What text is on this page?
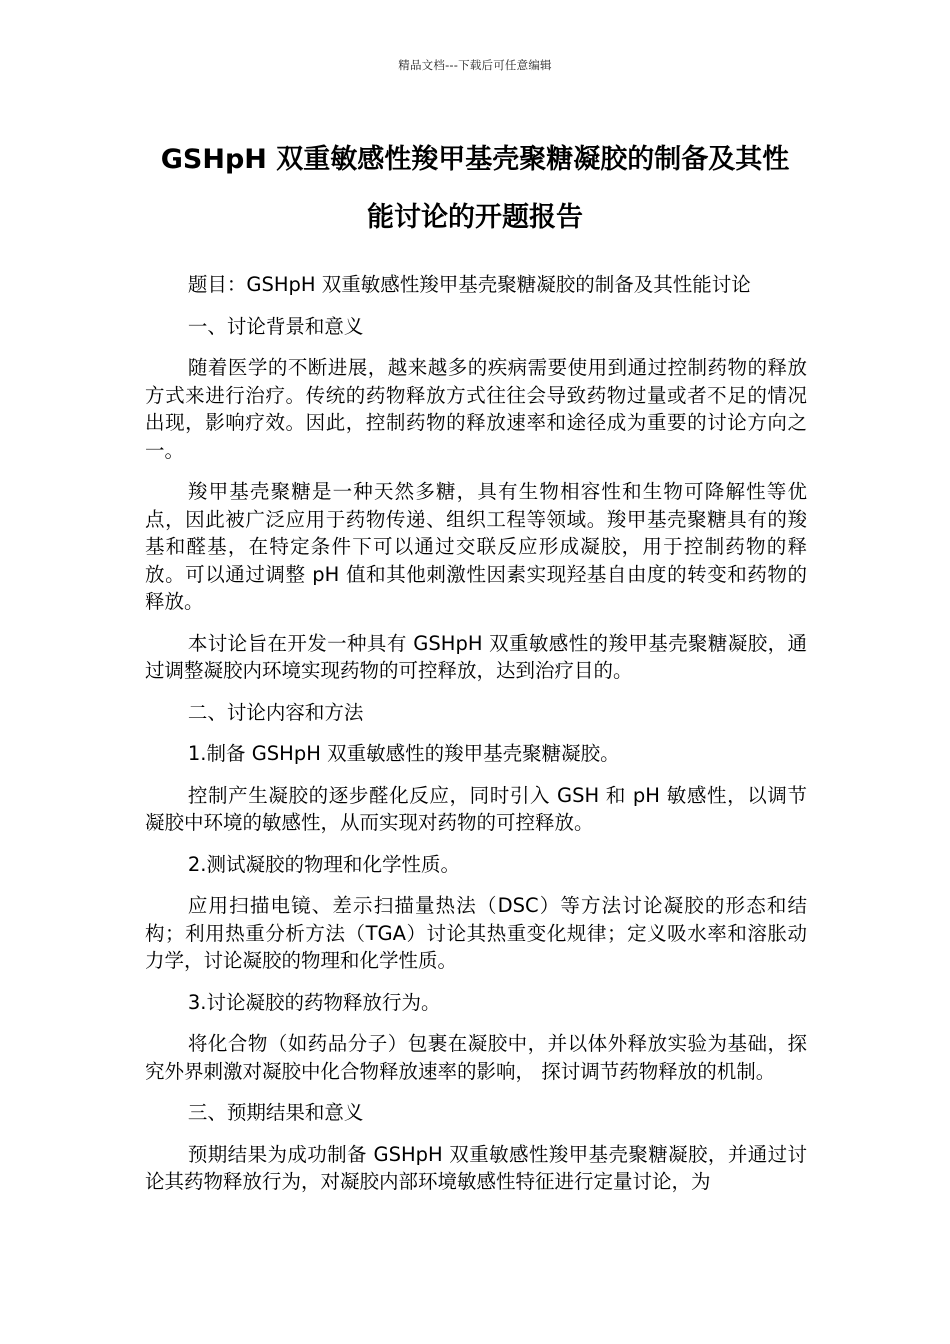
精品文档---下载后可任意编辑
GSHpH 双重敏感性羧甲基壳聚糖凝胶的制备及其性
能讨论的开题报告

题目：GSHpH 双重敏感性羧甲基壳聚糖凝胶的制备及其性能讨论

一、讨论背景和意义

随着医学的不断进展，越来越多的疾病需要使用到通过控制药物的释放方式来进行治疗。传统的药物释放方式往往会导致药物过量或者不足的情况出现，影响疗效。因此，控制药物的释放速率和途径成为重要的讨论方向之一。

羧甲基壳聚糖是一种天然多糖，具有生物相容性和生物可降解性等优点，因此被广泛应用于药物传递、组织工程等领域。羧甲基壳聚糖具有的羧基和醛基，在特定条件下可以通过交联反应形成凝胶，用于控制药物的释放。可以通过调整 pH 值和其他刺激性因素实现羟基自由度的转变和药物的释放。

本讨论旨在开发一种具有 GSHpH 双重敏感性的羧甲基壳聚糖凝胶，通过调整凝胶内环境实现药物的可控释放，达到治疗目的。

二、讨论内容和方法

1.制备 GSHpH 双重敏感性的羧甲基壳聚糖凝胶。

控制产生凝胶的逐步醛化反应，同时引入 GSH 和 pH 敏感性，以调节凝胶中环境的敏感性，从而实现对药物的可控释放。

2.测试凝胶的物理和化学性质。

应用扫描电镜、差示扫描量热法（DSC）等方法讨论凝胶的形态和结构；利用热重分析方法（TGA）讨论其热重变化规律；定义吸水率和溶胀动力学，讨论凝胶的物理和化学性质。

3.讨论凝胶的药物释放行为。

将化合物（如药品分子）包裹在凝胶中，并以体外释放实验为基础，探究外界刺激对凝胶中化合物释放速率的影响， 探讨调节药物释放的机制。

三、预期结果和意义

预期结果为成功制备 GSHpH 双重敏感性羧甲基壳聚糖凝胶，并通过讨论其药物释放行为，对凝胶内部环境敏感性特征进行定量讨论，为
